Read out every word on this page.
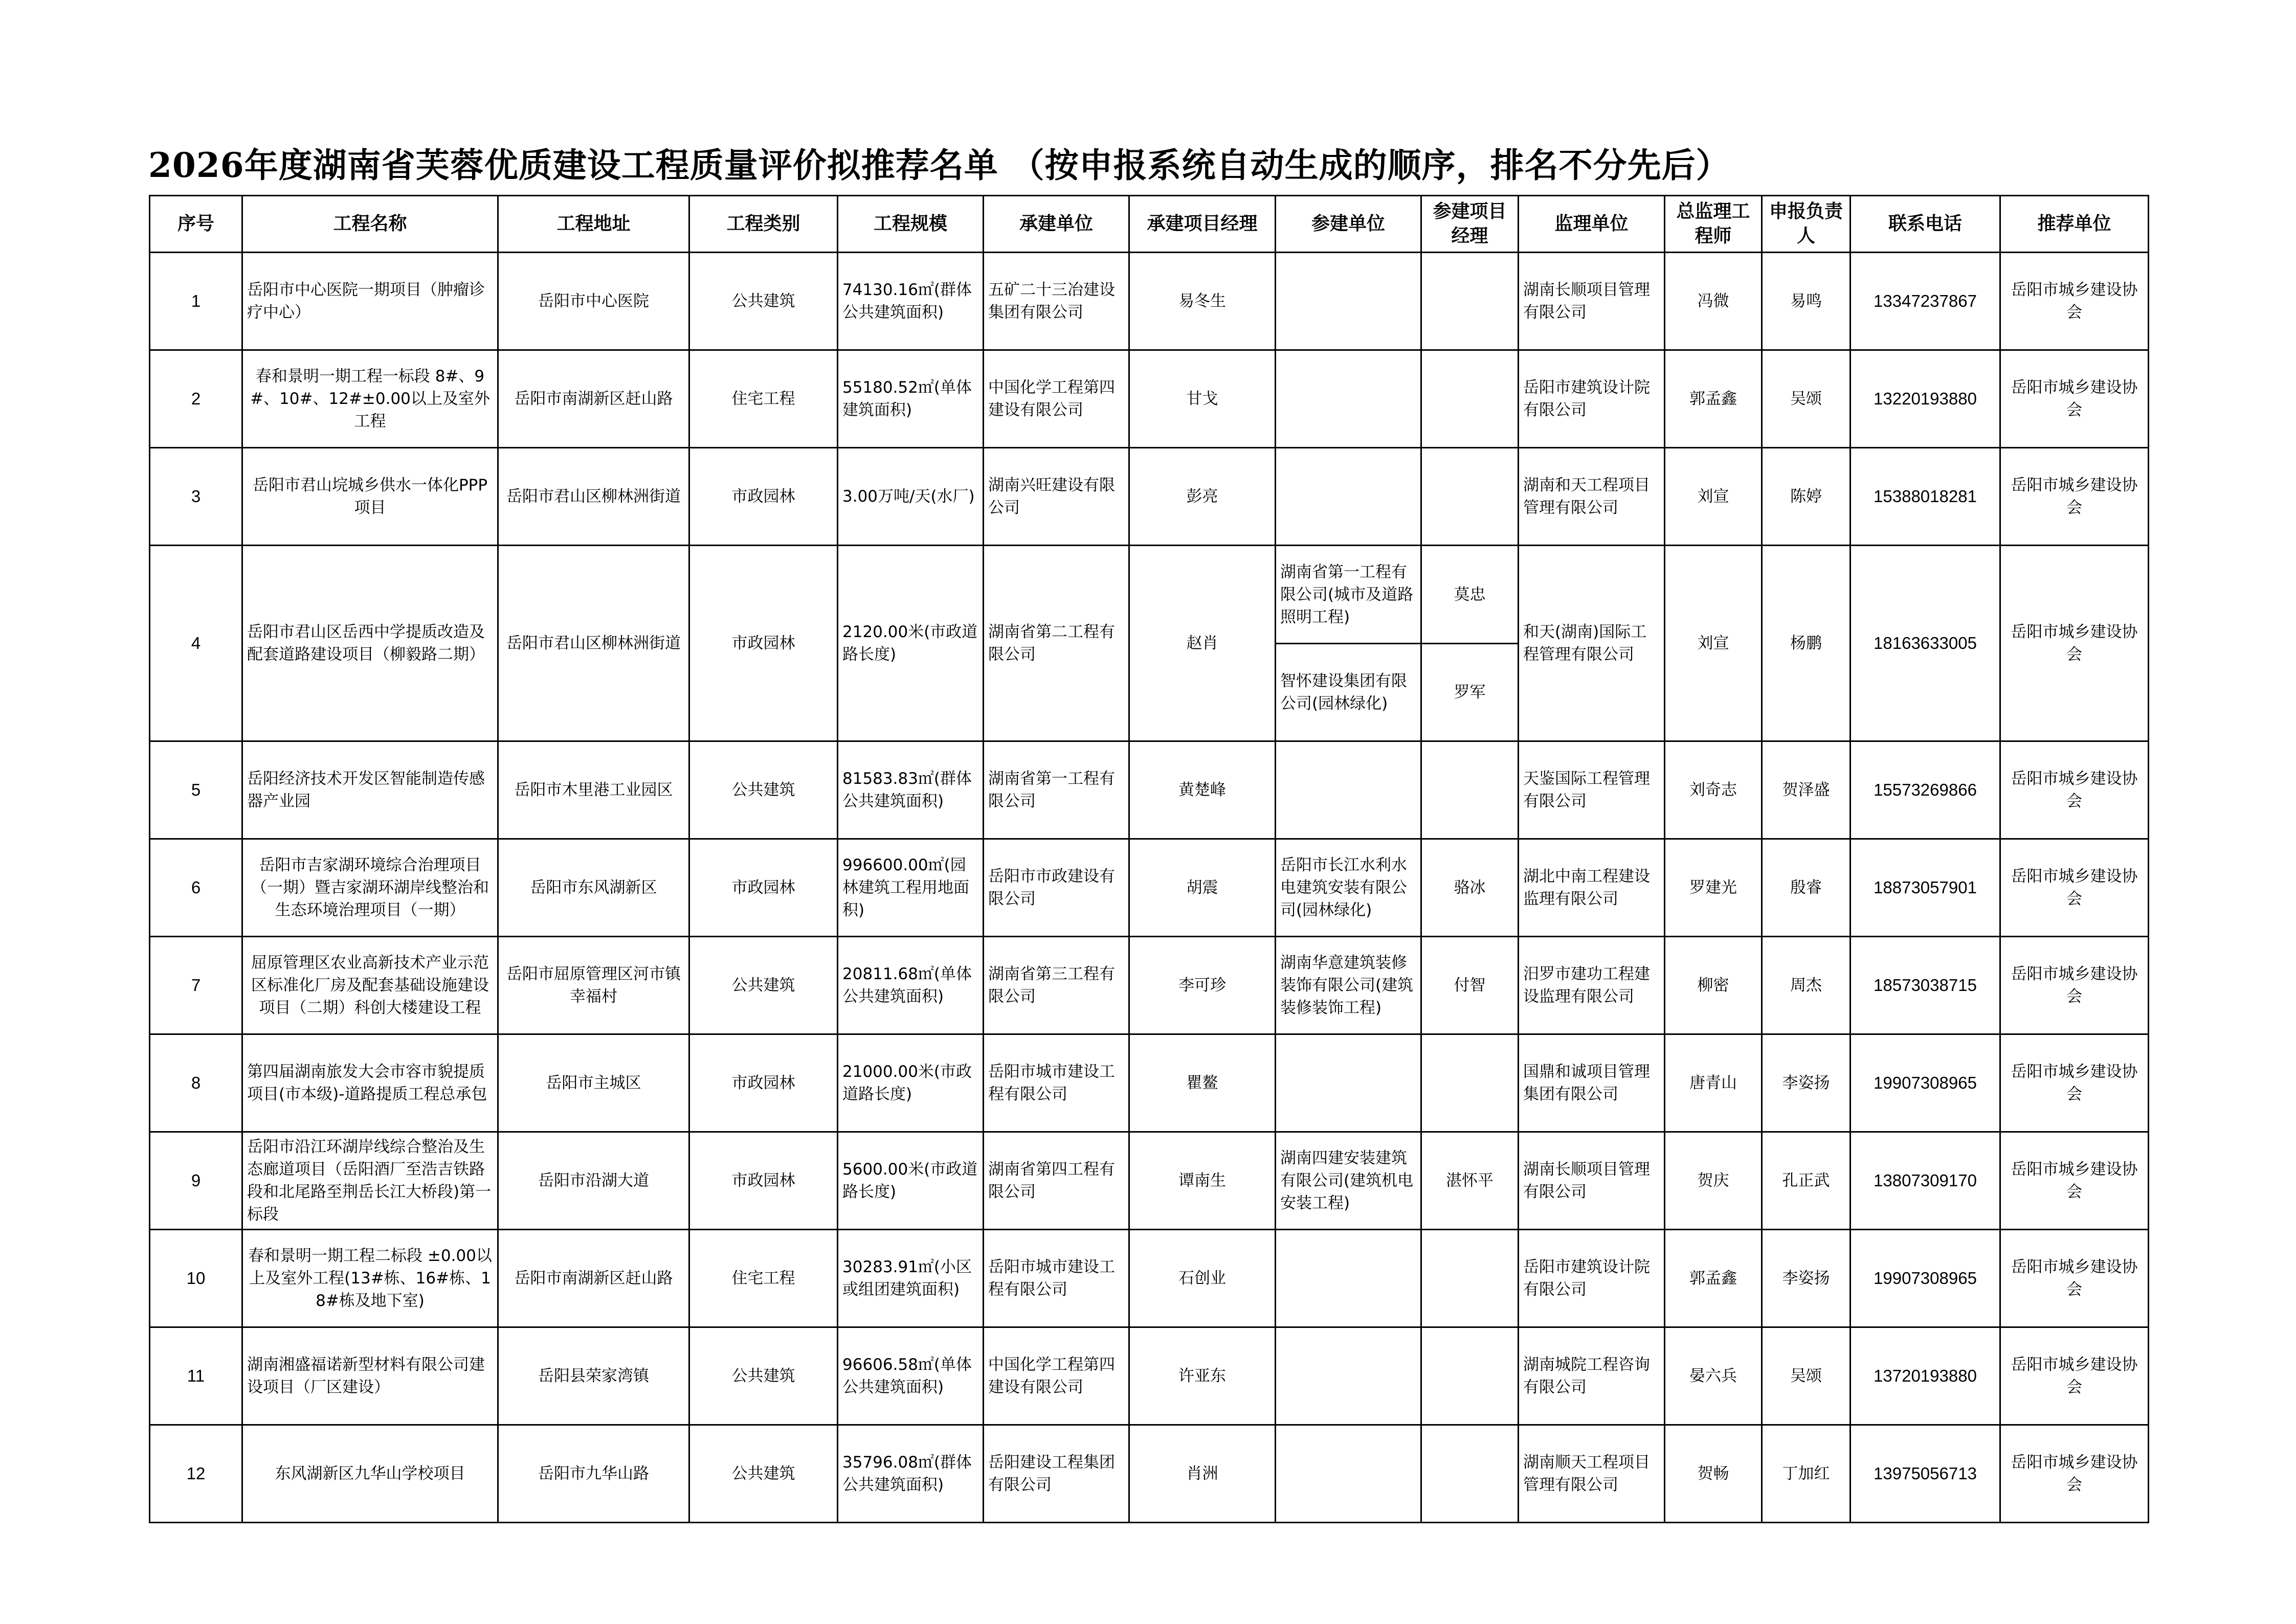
2026年度湖南省芙蓉优质建设工程质量评价拟推荐名单 （按申报系统自动生成的顺序，排名不分先后）
序号	工程名称	工程地址	工程类别	工程规模	承建单位	承建项目经理	参建单位	参建项目经理	监理单位	总监理工程师	申报负责人	联系电话	推荐单位
1	岳阳市中心医院一期项目（肿瘤诊疗中心）	岳阳市中心医院	公共建筑	74130.16㎡(群体公共建筑面积)	五矿二十三冶建设集团有限公司	易冬生			湖南长顺项目管理有限公司	冯微	易鸣	13347237867	岳阳市城乡建设协会
2	春和景明一期工程一标段 8#、9#、10#、12#±0.00以上及室外工程	岳阳市南湖新区赶山路	住宅工程	55180.52㎡(单体建筑面积)	中国化学工程第四建设有限公司	甘戈			岳阳市建筑设计院有限公司	郭孟鑫	吴颂	13220193880	岳阳市城乡建设协会
3	岳阳市君山垸城乡供水一体化PPP项目	岳阳市君山区柳林洲街道	市政园林	3.00万吨/天(水厂)	湖南兴旺建设有限公司	彭亮			湖南和天工程项目管理有限公司	刘宣	陈婷	15388018281	岳阳市城乡建设协会
4	岳阳市君山区岳西中学提质改造及配套道路建设项目（柳毅路二期）	岳阳市君山区柳林洲街道	市政园林	2120.00米(市政道路长度)	湖南省第二工程有限公司	赵肖	湖南省第一工程有限公司(城市及道路照明工程)	莫忠	和天(湖南)国际工程管理有限公司	刘宣	杨鹏	18163633005	岳阳市城乡建设协会
							智怀建设集团有限公司(园林绿化)	罗军					
5	岳阳经济技术开发区智能制造传感器产业园	岳阳市木里港工业园区	公共建筑	81583.83㎡(群体公共建筑面积)	湖南省第一工程有限公司	黄楚峰			天鉴国际工程管理有限公司	刘奇志	贺泽盛	15573269866	岳阳市城乡建设协会
6	岳阳市吉家湖环境综合治理项目（一期）暨吉家湖环湖岸线整治和生态环境治理项目（一期）	岳阳市东风湖新区	市政园林	996600.00㎡(园林建筑工程用地面积)	岳阳市市政建设有限公司	胡震	岳阳市长江水利水电建筑安装有限公司(园林绿化)	骆冰	湖北中南工程建设监理有限公司	罗建光	殷睿	18873057901	岳阳市城乡建设协会
7	屈原管理区农业高新技术产业示范区标准化厂房及配套基础设施建设项目（二期）科创大楼建设工程	岳阳市屈原管理区河市镇幸福村	公共建筑	20811.68㎡(单体公共建筑面积)	湖南省第三工程有限公司	李可珍	湖南华意建筑装修装饰有限公司(建筑装修装饰工程)	付智	汨罗市建功工程建设监理有限公司	柳密	周杰	18573038715	岳阳市城乡建设协会
8	第四届湖南旅发大会市容市貌提质项目(市本级)-道路提质工程总承包	岳阳市主城区	市政园林	21000.00米(市政道路长度)	岳阳市城市建设工程有限公司	瞿鳌			国鼎和诚项目管理集团有限公司	唐青山	李姿扬	19907308965	岳阳市城乡建设协会
9	岳阳市沿江环湖岸线综合整治及生态廊道项目（岳阳酒厂至浩吉铁路段和北尾路至荆岳长江大桥段)第一标段	岳阳市沿湖大道	市政园林	5600.00米(市政道路长度)	湖南省第四工程有限公司	谭南生	湖南四建安装建筑有限公司(建筑机电安装工程)	湛怀平	湖南长顺项目管理有限公司	贺庆	孔正武	13807309170	岳阳市城乡建设协会
10	春和景明一期工程二标段 ±0.00以上及室外工程(13#栋、16#栋、18#栋及地下室)	岳阳市南湖新区赶山路	住宅工程	30283.91㎡(小区或组团建筑面积)	岳阳市城市建设工程有限公司	石创业			岳阳市建筑设计院有限公司	郭孟鑫	李姿扬	19907308965	岳阳市城乡建设协会
11	湖南湘盛福诺新型材料有限公司建设项目（厂区建设）	岳阳县荣家湾镇	公共建筑	96606.58㎡(单体公共建筑面积)	中国化学工程第四建设有限公司	许亚东			湖南城院工程咨询有限公司	晏六兵	吴颂	13720193880	岳阳市城乡建设协会
12	东风湖新区九华山学校项目	岳阳市九华山路	公共建筑	35796.08㎡(群体公共建筑面积)	岳阳建设工程集团有限公司	肖洲			湖南顺天工程项目管理有限公司	贺畅	丁加红	13975056713	岳阳市城乡建设协会
